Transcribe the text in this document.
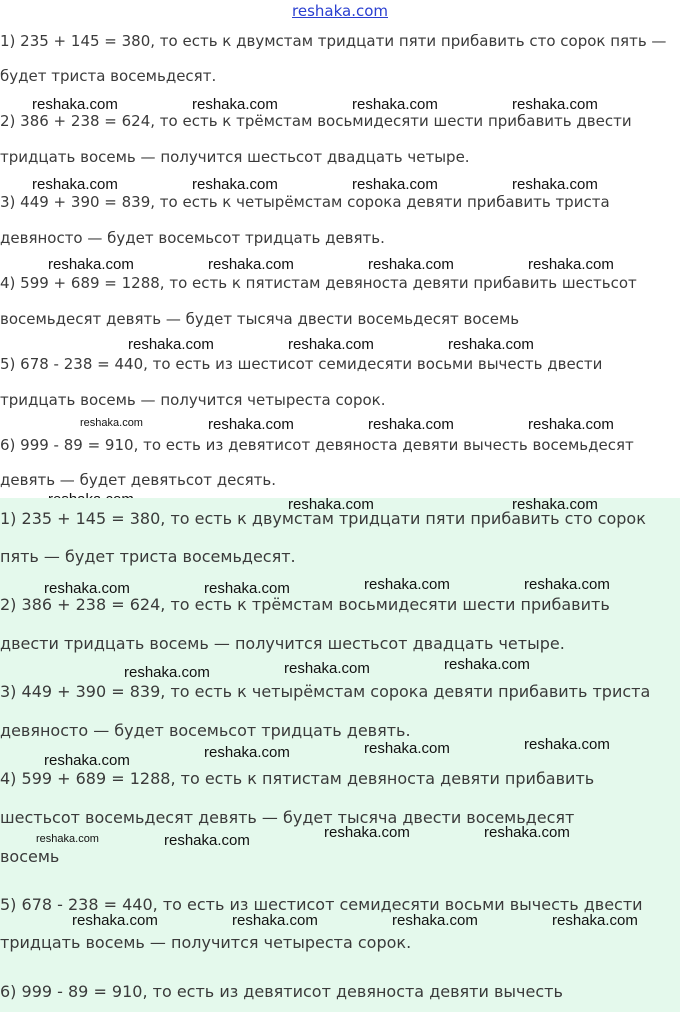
reshaka.com
1) 235 + 145 = 380, то есть к двумстам тридцати пяти прибавить сто сорок пять —
будет триста восемьдесят.
2) 386 + 238 = 624, то есть к трёмстам восьмидесяти шести прибавить двести
тридцать восемь — получится шестьсот двадцать четыре.
3) 449 + 390 = 839, то есть к четырёмстам сорока девяти прибавить триста
девяносто — будет восемьсот тридцать девять.
4) 599 + 689 = 1288, то есть к пятистам девяноста девяти прибавить шестьсот
восемьдесят девять — будет тысяча двести восемьдесят восемь
5) 678 - 238 = 440, то есть из шестисот семидесяти восьми вычесть двести
тридцать восемь — получится четыреста сорок.
6) 999 - 89 = 910, то есть из девятисот девяноста девяти вычесть восемьдесят
девять — будет девятьсот десять.
reshaka.com	reshaka.com	reshaka.com	reshaka.com
reshaka.com	reshaka.com	reshaka.com	reshaka.com
reshaka.com	reshaka.com	reshaka.com	reshaka.com
reshaka.com	reshaka.com	reshaka.com
reshaka.com	reshaka.com	reshaka.com	reshaka.com
1) 235 + 145 = 380, то есть к двумстам тридцати пяти прибавить сто сорок
пять — будет триста восемьдесят.
2) 386 + 238 = 624, то есть к трёмстам восьмидесяти шести прибавить
двести тридцать восемь — получится шестьсот двадцать четыре.
3) 449 + 390 = 839, то есть к четырёмстам сорока девяти прибавить триста
девяносто — будет восемьсот тридцать девять.
4) 599 + 689 = 1288, то есть к пятистам девяноста девяти прибавить
шестьсот восемьдесят девять — будет тысяча двести восемьдесят
восемь
5) 678 - 238 = 440, то есть из шестисот семидесяти восьми вычесть двести
тридцать восемь — получится четыреста сорок.
6) 999 - 89 = 910, то есть из девятисот девяноста девяти вычесть
reshaka.com	reshaka.com
reshaka.com	reshaka.com	reshaka.com	reshaka.com
reshaka.com	reshaka.com	reshaka.com
reshaka.com	reshaka.com	reshaka.com	reshaka.com
reshaka.com	reshaka.com	reshaka.com	reshaka.com
reshaka.com	reshaka.com	reshaka.com	reshaka.com
